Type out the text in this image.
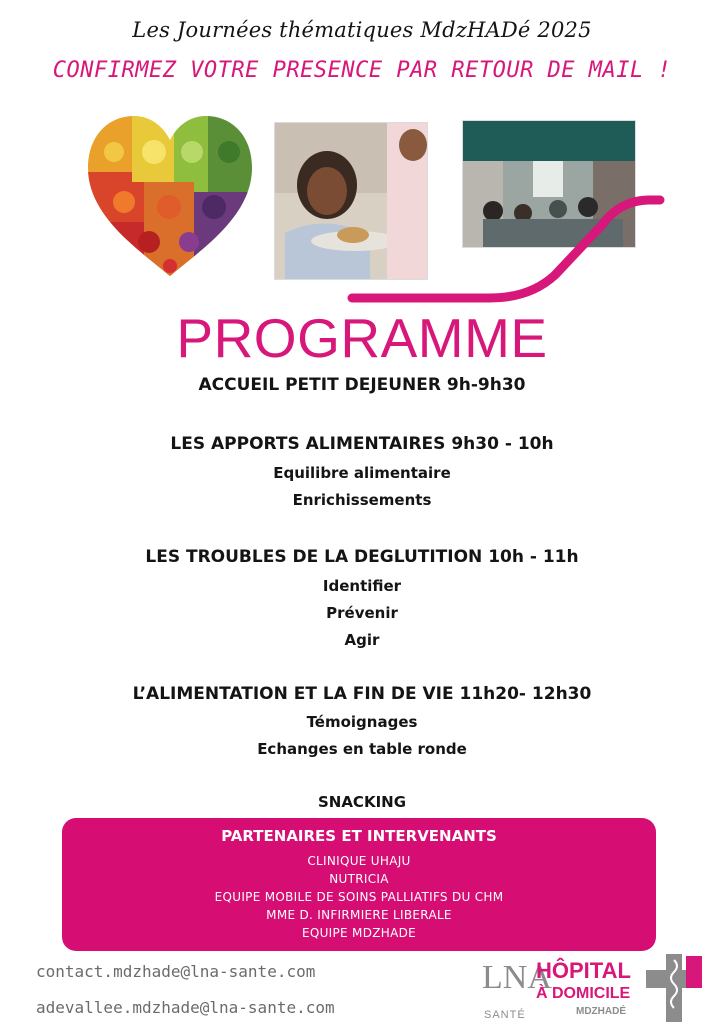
Les Journées thématiques MdzHADé 2025
CONFIRMEZ VOTRE PRESENCE PAR RETOUR DE MAIL !
PROGRAMME
ACCUEIL PETIT DEJEUNER 9h-9h30
LES APPORTS ALIMENTAIRES 9h30 - 10h
Equilibre alimentaire
Enrichissements
LES TROUBLES DE LA DEGLUTITION 10h - 11h
Identifier
Prévenir
Agir
L’ALIMENTATION ET LA FIN DE VIE 11h20- 12h30
Témoignages
Echanges en table ronde
SNACKING
PARTENAIRES ET INTERVENANTS
CLINIQUE UHAJU
NUTRICIA
EQUIPE MOBILE DE SOINS PALLIATIFS DU CHM
MME D. INFIRMIERE LIBERALE
EQUIPE MDZHADE
contact.mdzhade@lna-sante.com
adevallee.mdzhade@lna-sante.com
LNA
SANTÉ
HÔPITAL
À DOMICILE
MDZHADÉ
